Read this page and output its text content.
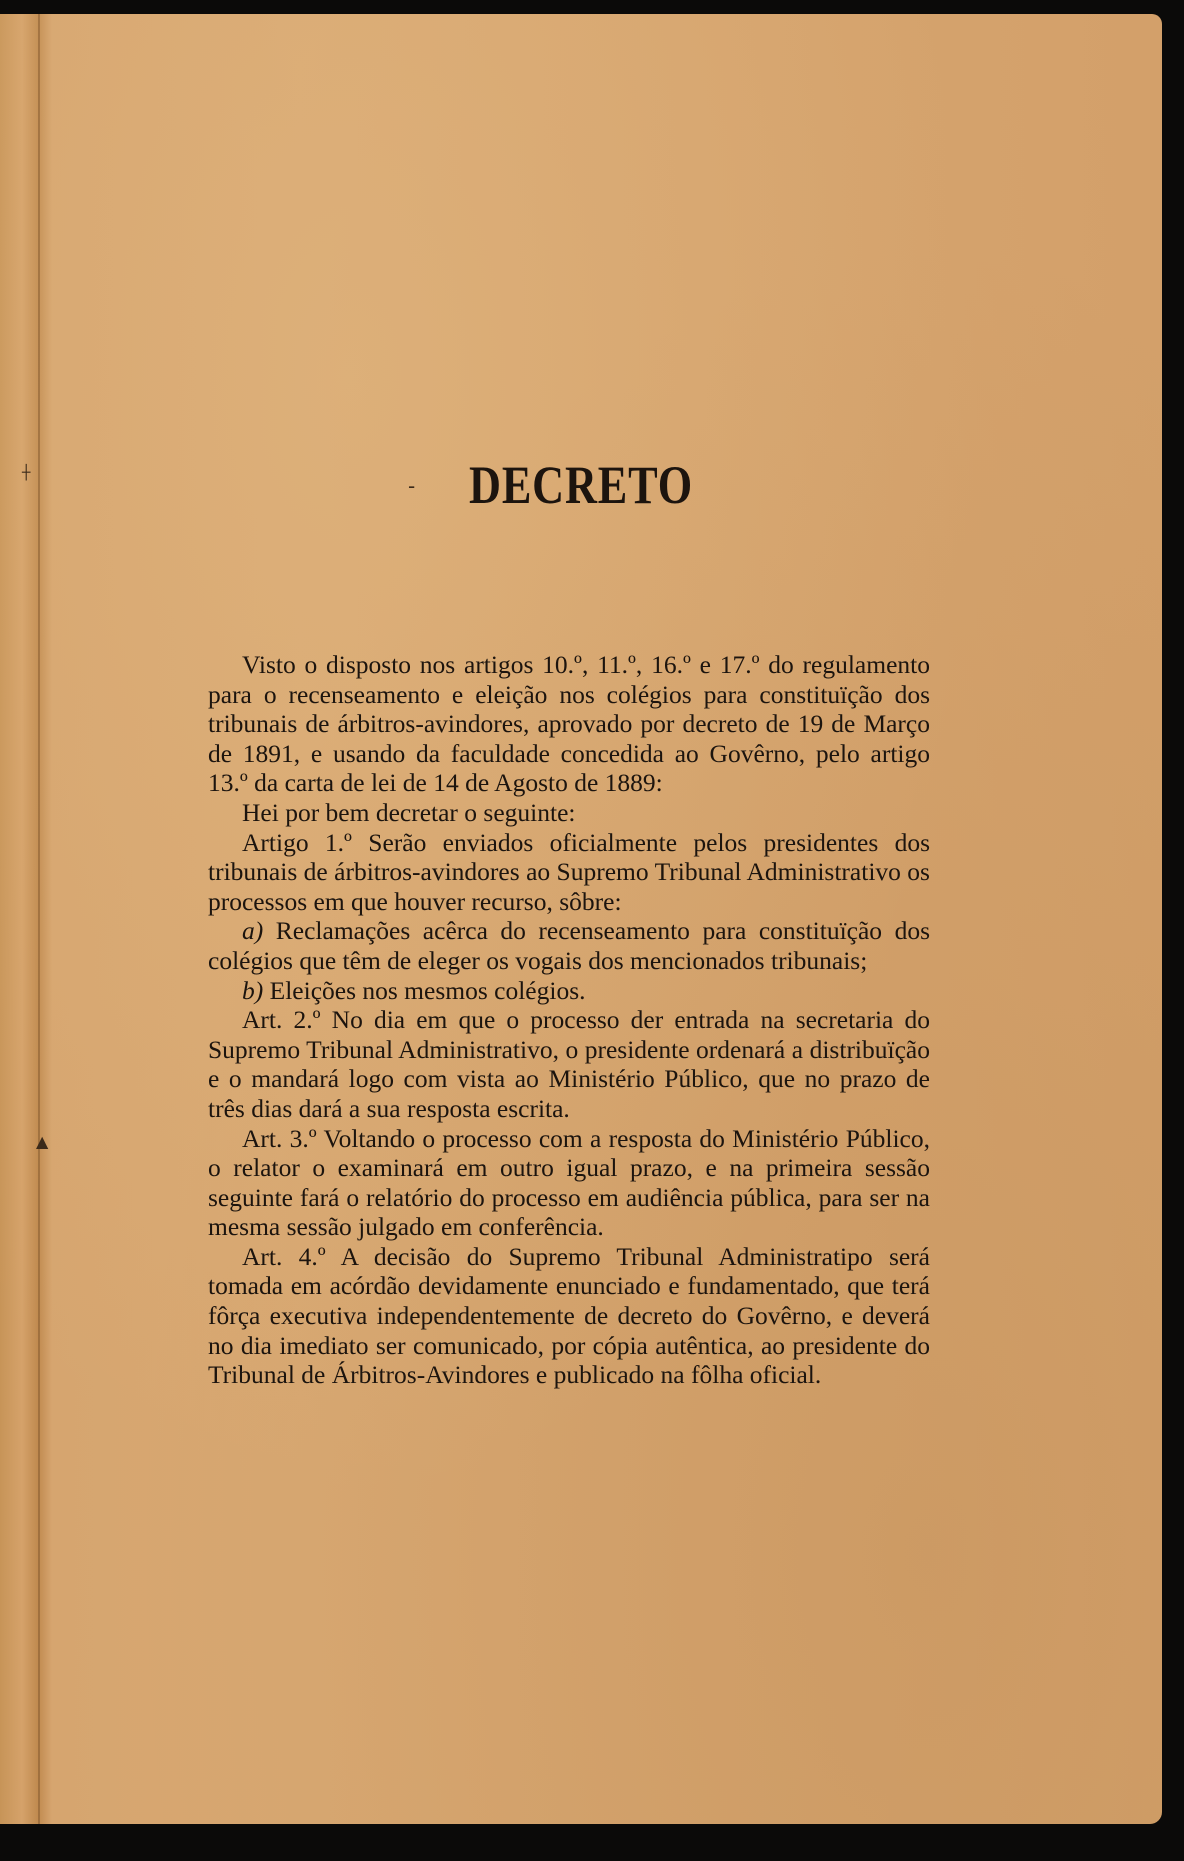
┼
▲
- DECRETO

Visto o disposto nos artigos 10.º, 11.º, 16.º e 17.º do regulamento para o recenseamento e eleição nos colégios para constituïção dos tribunais de árbitros-avindores, aprovado por decreto de 19 de Março de 1891, e usando da faculdade concedida ao Govêrno, pelo artigo 13.º da carta de lei de 14 de Agosto de 1889:

Hei por bem decretar o seguinte:

Artigo 1.º Serão enviados oficialmente pelos presidentes dos tribunais de árbitros-avindores ao Supremo Tribunal Administrativo os processos em que houver recurso, sôbre:

a) Reclamações acêrca do recenseamento para constituïção dos colégios que têm de eleger os vogais dos mencionados tribunais;

b) Eleições nos mesmos colégios.

Art. 2.º No dia em que o processo der entrada na secretaria do Supremo Tribunal Administrativo, o presidente ordenará a distribuïção e o mandará logo com vista ao Ministério Público, que no prazo de três dias dará a sua resposta escrita.

Art. 3.º Voltando o processo com a resposta do Ministério Público, o relator o examinará em outro igual prazo, e na primeira sessão seguinte fará o relatório do processo em audiência pública, para ser na mesma sessão julgado em conferência.

Art. 4.º A decisão do Supremo Tribunal Administratipo será tomada em acórdão devidamente enunciado e fundamentado, que terá fôrça executiva independentemente de decreto do Govêrno, e deverá no dia imediato ser comunicado, por cópia autêntica, ao presidente do Tribunal de Árbitros-Avindores e publicado na fôlha oficial.
